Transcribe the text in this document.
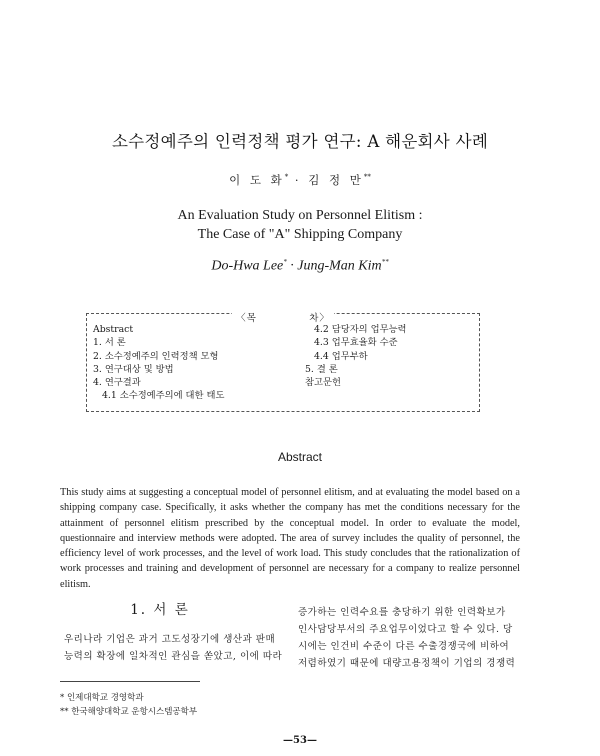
소수정예주의 인력정책 평가 연구: A 해운회사 사례
이 도 화* · 김 정 만**
An Evaluation Study on Personnel Elitism :
The Case of "A" Shipping Company
Do-Hwa Lee* · Jung-Man Kim**
〈목　　　　　차〉
Abstract
1. 서 론
2. 소수정예주의 인력정책 모형
3. 연구대상 및 방법
4. 연구결과
4.1 소수정예주의에 대한 태도
4.2 담당자의 업무능력
4.3 업무효율화 수준
4.4 업무부하
5. 결 론
참고문헌
Abstract
This study aims at suggesting a conceptual model of personnel elitism, and at evaluating the model based on a shipping company case. Specifically, it asks whether the company has met the conditions necessary for the attainment of personnel elitism prescribed by the conceptual model. In order to evaluate the model, questionnaire and interview methods were adopted. The area of survey includes the quality of personnel, the efficiency level of work processes, and the level of work load. This study concludes that the rationalization of work processes and training and development of personnel are necessary for a company to realize personnel elitism.
1. 서 론
우리나라 기업은 과거 고도성장기에 생산과 판매
능력의 확장에 일차적인 관심을 쏟았고, 이에 따라
증가하는 인력수요를 충당하기 위한 인력확보가
인사담당부서의 주요업무이었다고 할 수 있다. 당
시에는 인건비 수준이 다른 수출경쟁국에 비하여
저렴하였기 때문에 대량고용정책이 기업의 경쟁력
* 인제대학교 경영학과
** 한국해양대학교 운항시스템공학부
—53—
